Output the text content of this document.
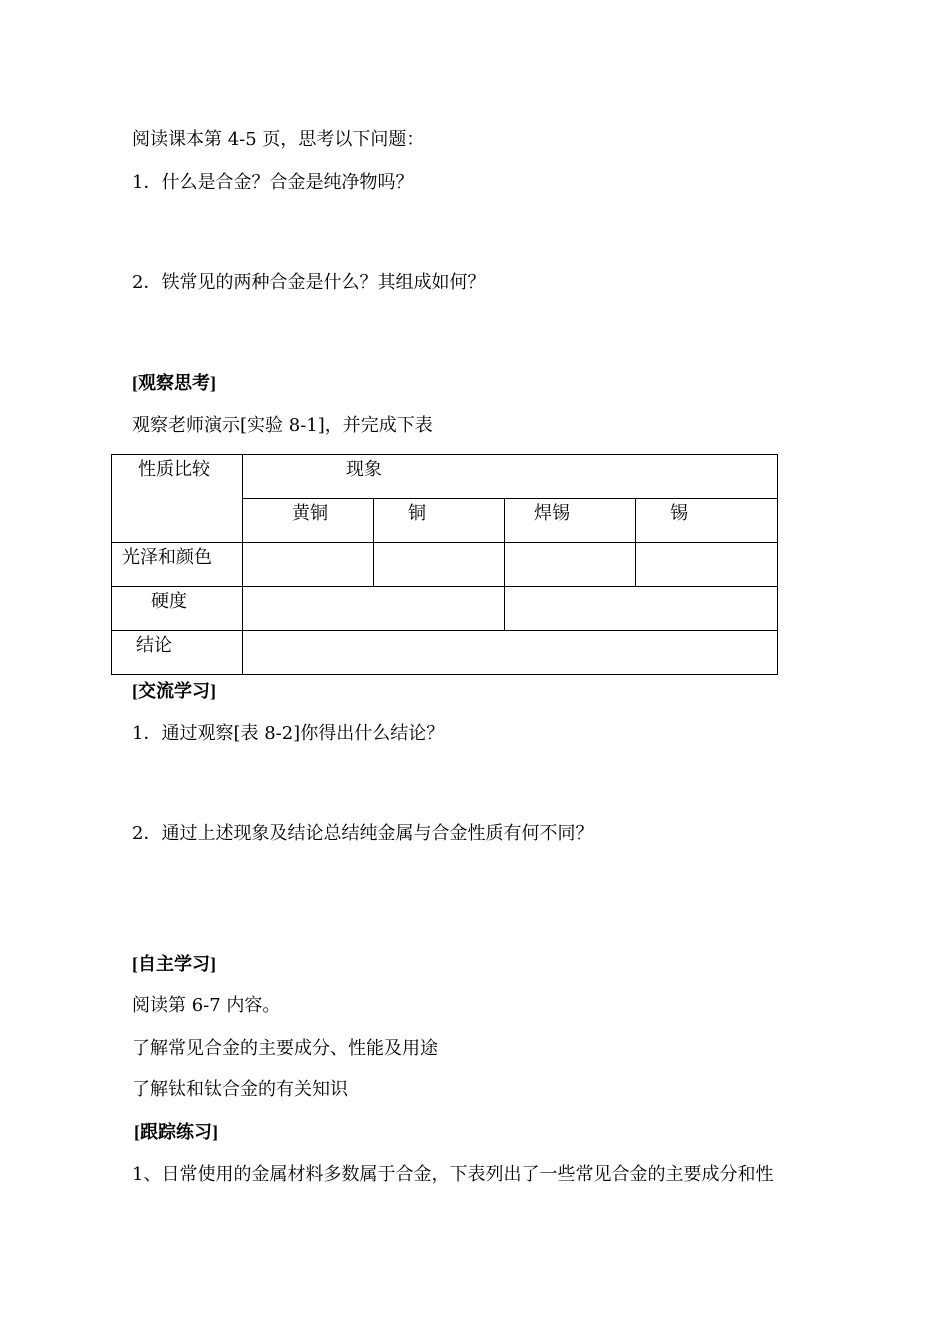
阅读课本第 4-5 页，思考以下问题：
1．什么是合金？合金是纯净物吗？
2．铁常见的两种合金是什么？其组成如何？
[观察思考]
观察老师演示[实验 8-1]，并完成下表
性质比较	现象			

	黄铜	铜	焊锡	锡

光泽和颜色				

硬度				

结论				

[交流学习]
1．通过观察[表 8-2]你得出什么结论？
2．通过上述现象及结论总结纯金属与合金性质有何不同？
[自主学习]
阅读第 6-7 内容。
了解常见合金的主要成分、性能及用途
了解钛和钛合金的有关知识
[跟踪练习]
1、日常使用的金属材料多数属于合金，下表列出了一些常见合金的主要成分和性
